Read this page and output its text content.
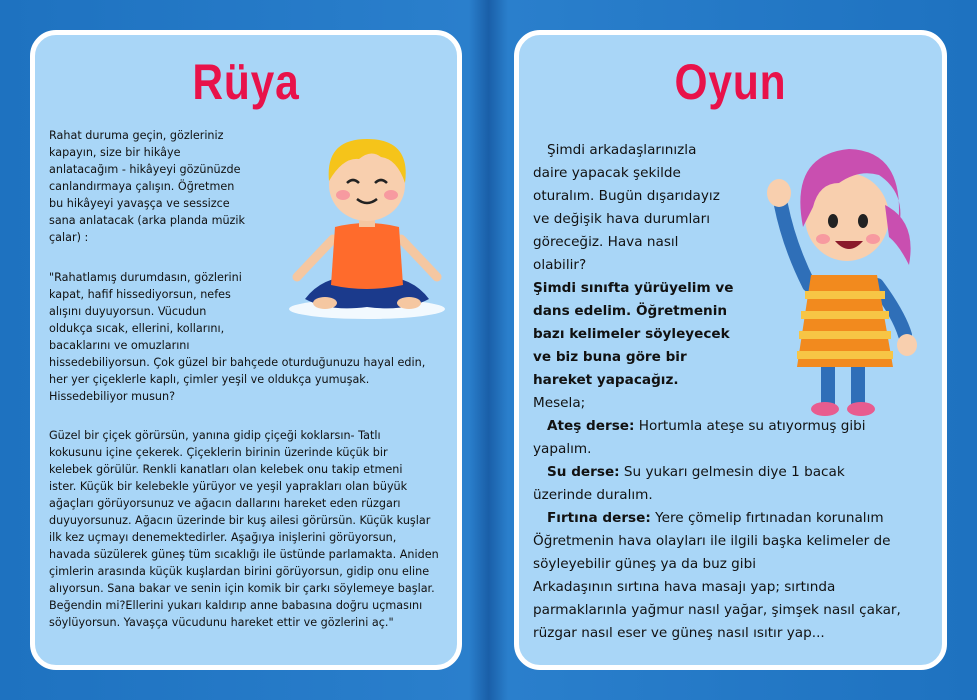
Rüya
Rahat duruma geçin, gözleriniz
kapayın, size bir hikâye
anlatacağım - hikâyeyi gözünüzde
canlandırmaya çalışın. Öğretmen
bu hikâyeyi yavaşça ve sessizce
sana anlatacak (arka planda müzik
çalar) :
"Rahatlamış durumdasın, gözlerini
kapat, hafif hissediyorsun, nefes
alışını duyuyorsun. Vücudun
oldukça sıcak, ellerini, kollarını,
bacaklarını ve omuzlarını
hissedebiliyorsun. Çok güzel bir bahçede oturduğunuzu hayal edin,
her yer çiçeklerle kaplı, çimler yeşil ve oldukça yumuşak.
Hissedebiliyor musun?
Güzel bir çiçek görürsün, yanına gidip çiçeği koklarsın- Tatlı
kokusunu içine çekerek. Çiçeklerin birinin üzerinde küçük bir
kelebek görülür. Renkli kanatları olan kelebek onu takip etmeni
ister. Küçük bir kelebekle yürüyor ve yeşil yaprakları olan büyük
ağaçları görüyorsunuz ve ağacın dallarını hareket eden rüzgarı
duyuyorsunuz. Ağacın üzerinde bir kuş ailesi görürsün. Küçük kuşlar
ilk kez uçmayı denemektedirler. Aşağıya inişlerini görüyorsun,
havada süzülerek güneş tüm sıcaklığı ile üstünde parlamakta. Aniden
çimlerin arasında küçük kuşlardan birini görüyorsun, gidip onu eline
alıyorsun. Sana bakar ve senin için komik bir çarkı söylemeye başlar.
Beğendin mi?Ellerini yukarı kaldırıp anne babasına doğru uçmasını
söylüyorsun. Yavaşça vücudunu hareket ettir ve gözlerini aç."
Oyun
Şimdi arkadaşlarınızla
daire yapacak şekilde
oturalım. Bugün dışarıdayız
ve değişik hava durumları
göreceğiz. Hava nasıl
olabilir?
Şimdi sınıfta yürüyelim ve
dans edelim. Öğretmenin
bazı kelimeler söyleyecek
ve biz buna göre bir
hareket yapacağız.
Mesela;
Ateş derse: Hortumla ateşe su atıyormuş gibi
yapalım.
Su derse: Su yukarı gelmesin diye 1 bacak
üzerinde duralım.
Fırtına derse: Yere çömelip fırtınadan korunalım
Öğretmenin hava olayları ile ilgili başka kelimeler de
söyleyebilir güneş ya da buz gibi
Arkadaşının sırtına hava masajı yap; sırtında
parmaklarınla yağmur nasıl yağar, şimşek nasıl çakar,
rüzgar nasıl eser ve güneş nasıl ısıtır yap...
